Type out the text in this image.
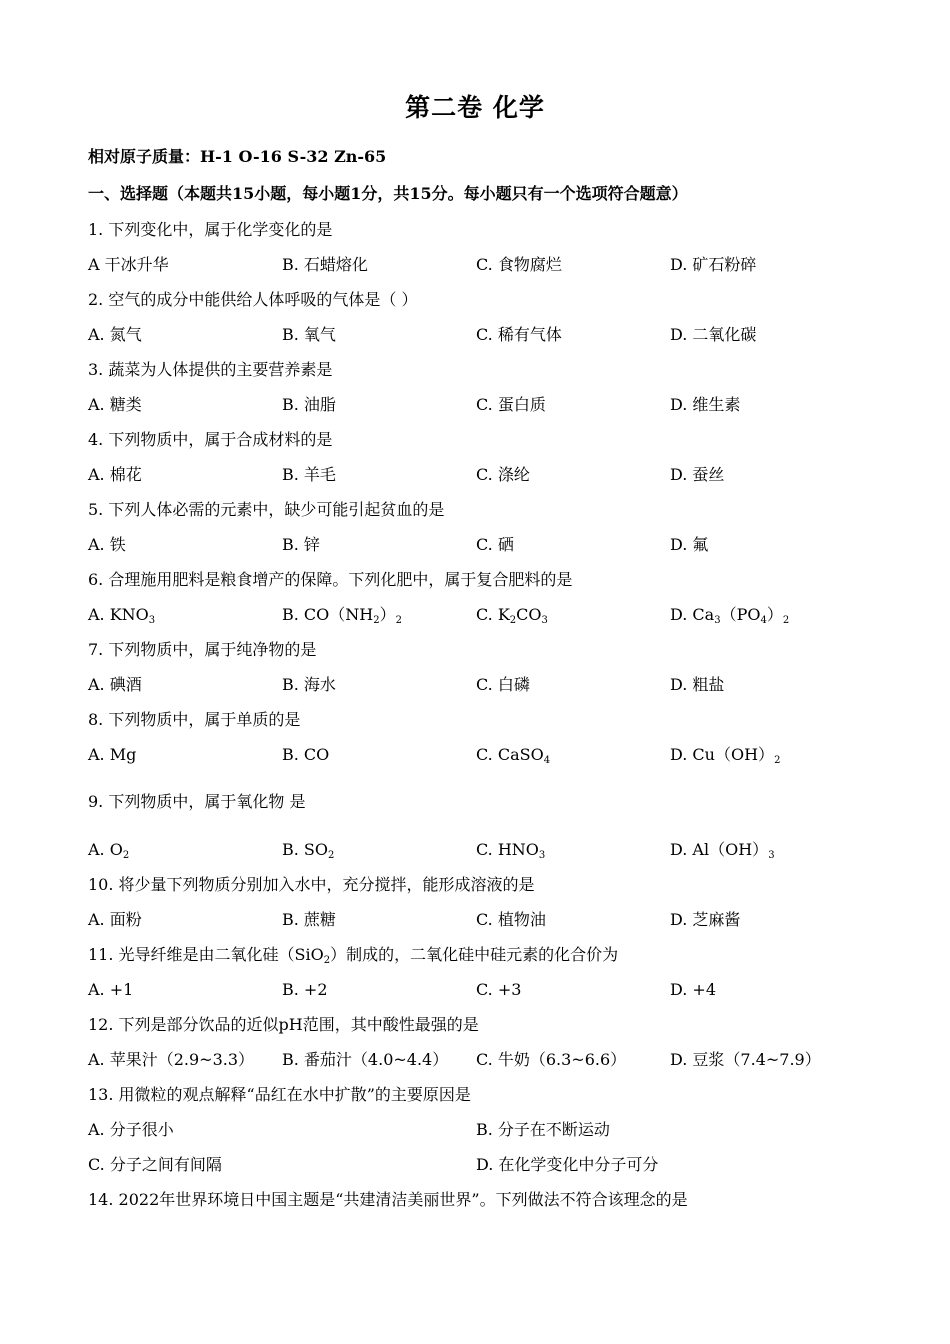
第二卷 化学
相对原子质量：H-1 O-16 S-32 Zn-65
一、选择题（本题共15小题，每小题1分，共15分。每小题只有一个选项符合题意）
1. 下列变化中，属于化学变化的是
A 干冰升华	B. 石蜡熔化	C. 食物腐烂	D. 矿石粉碎
2. 空气的成分中能供给人体呼吸的气体是（ ）
A. 氮气	B. 氧气	C. 稀有气体	D. 二氧化碳
3. 蔬菜为人体提供的主要营养素是
A. 糖类	B. 油脂	C. 蛋白质	D. 维生素
4. 下列物质中，属于合成材料的是
A. 棉花	B. 羊毛	C. 涤纶	D. 蚕丝
5. 下列人体必需的元素中，缺少可能引起贫血的是
A. 铁	B. 锌	C. 硒	D. 氟
6. 合理施用肥料是粮食增产的保障。下列化肥中，属于复合肥料的是
A. $KNO_3$	B. $CO(NH_2)_2$	C. $K_2CO_3$	D. $Ca_3(PO_4)_2$
7. 下列物质中，属于纯净物的是
A. 碘酒	B. 海水	C. 白磷	D. 粗盐
8. 下列物质中，属于单质的是
A. Mg	B. CO	C. CaSO$_4$	D. $Cu(OH)_2$
9. 下列物质中，属于氧化物 是
A. $O_2$	B. $SO_2$	C. $HNO_3$	D. $Al(OH)_3$
10. 将少量下列物质分别加入水中，充分搅拌，能形成溶液的是
A. 面粉	B. 蔗糖	C. 植物油	D. 芝麻酱
11. 光导纤维是由二氧化硅（SiO$_2$）制成的，二氧化硅中硅元素的化合价为
A. +1	B. +2	C. +3	D. +4
12. 下列是部分饮品的近似pH范围，其中酸性最强的是
A. 苹果汁（2.9~3.3） B. 番茄汁（4.0~4.4） C. 牛奶（6.3~6.6）	D. 豆浆（7.4~7.9）
13. 用微粒的观点解释“品红在水中扩散”的主要原因是
A. 分子很小	B. 分子在不断运动
C. 分子之间有间隔	D. 在化学变化中分子可分
14. 2022年世界环境日中国主题是“共建清洁美丽世界”。下列做法不符合该理念的是
